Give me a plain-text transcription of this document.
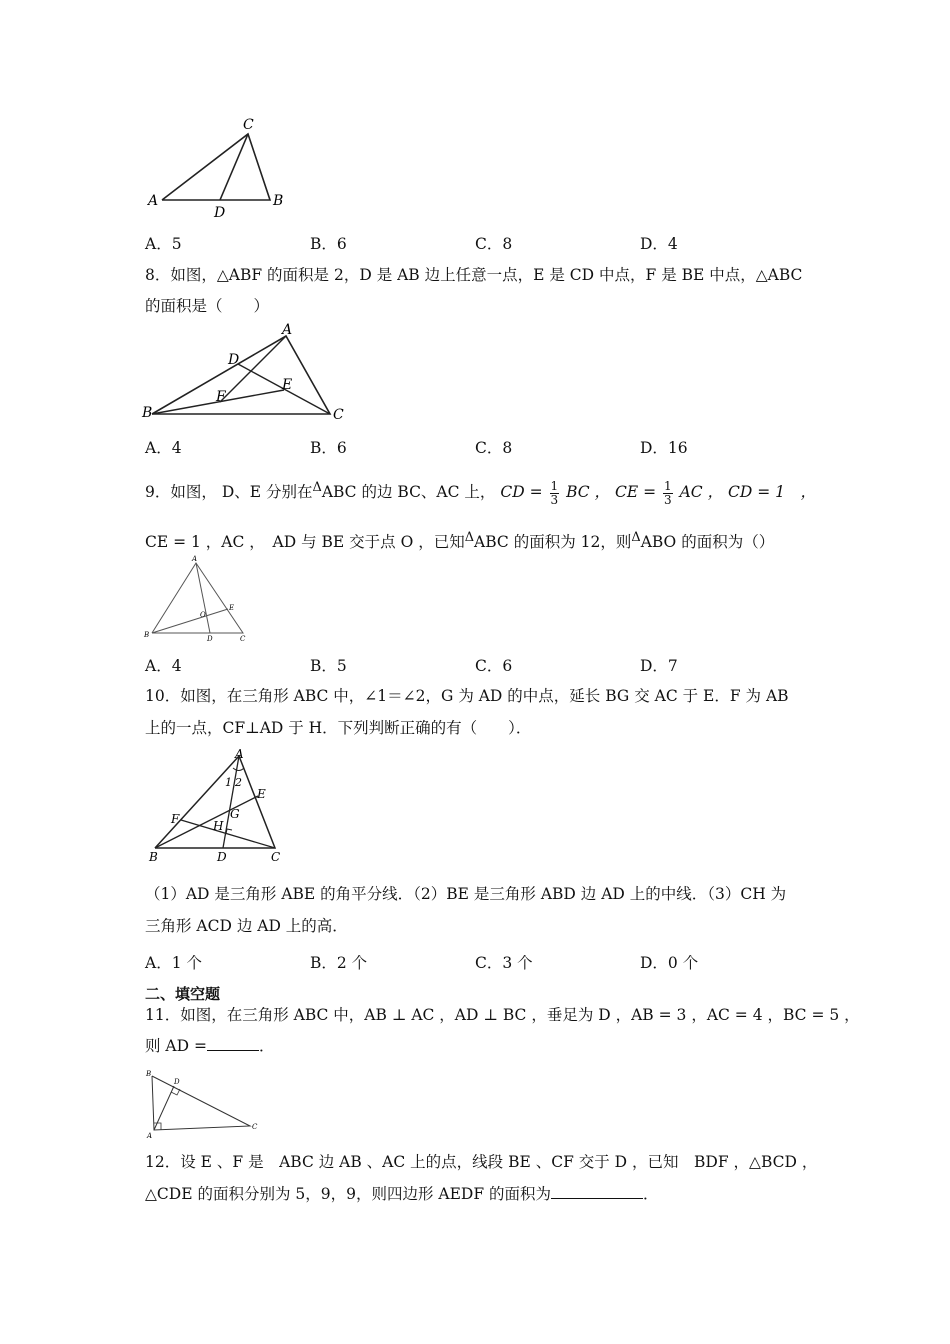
C
A
D
B
A．5	B．6	C．8	D．4
8．如图，△ABF 的面积是 2，D 是 AB 边上任意一点，E 是 CD 中点，F 是 BE 中点，△ABC
的面积是（　　）
A
D
E
F
B	C
A．4	B．6	C．8	D．16
9．如图， D、E 分别在$^\Delta$ABC 的边 BC、AC 上， CD = $\frac{1}{3}$ BC ， CE = $\frac{1}{3}$ AC ， CD = 1　，
CE = 1 ，AC ，　AD 与 BE 交于点 O ，已知$^\Delta$ABC 的面积为 12，则$^\Delta$ABO 的面积为（）
A
O
E
B	D	C
A．4	B．5	C．6	D．7
10．如图，在三角形 ABC 中，∠1＝∠2，G 为 AD 的中点，延长 BG 交 AC 于 E．F 为 AB
上的一点，CF⊥AD 于 H．下列判断正确的有（　　）．
A
1 2
E
F	G
H
B	D	C
（1）AD 是三角形 ABE 的角平分线．（2）BE 是三角形 ABD 边 AD 上的中线．（3）CH 为
三角形 ACD 边 AD 上的高．
A．1 个	B．2 个	C．3 个	D．0 个
二、填空题
11．如图，在三角形 ABC 中，AB ⊥ AC ，AD ⊥ BC ，垂足为 D ，AB = 3 ，AC = 4 ，BC = 5 ，
则 AD =	．
B
D
A
C
12．设 E 、F 是　ABC 边 AB 、AC 上的点，线段 BE 、CF 交于 D ，已知　BDF ，△BCD ，
△CDE 的面积分别为 5，9，9，则四边形 AEDF 的面积为	．
